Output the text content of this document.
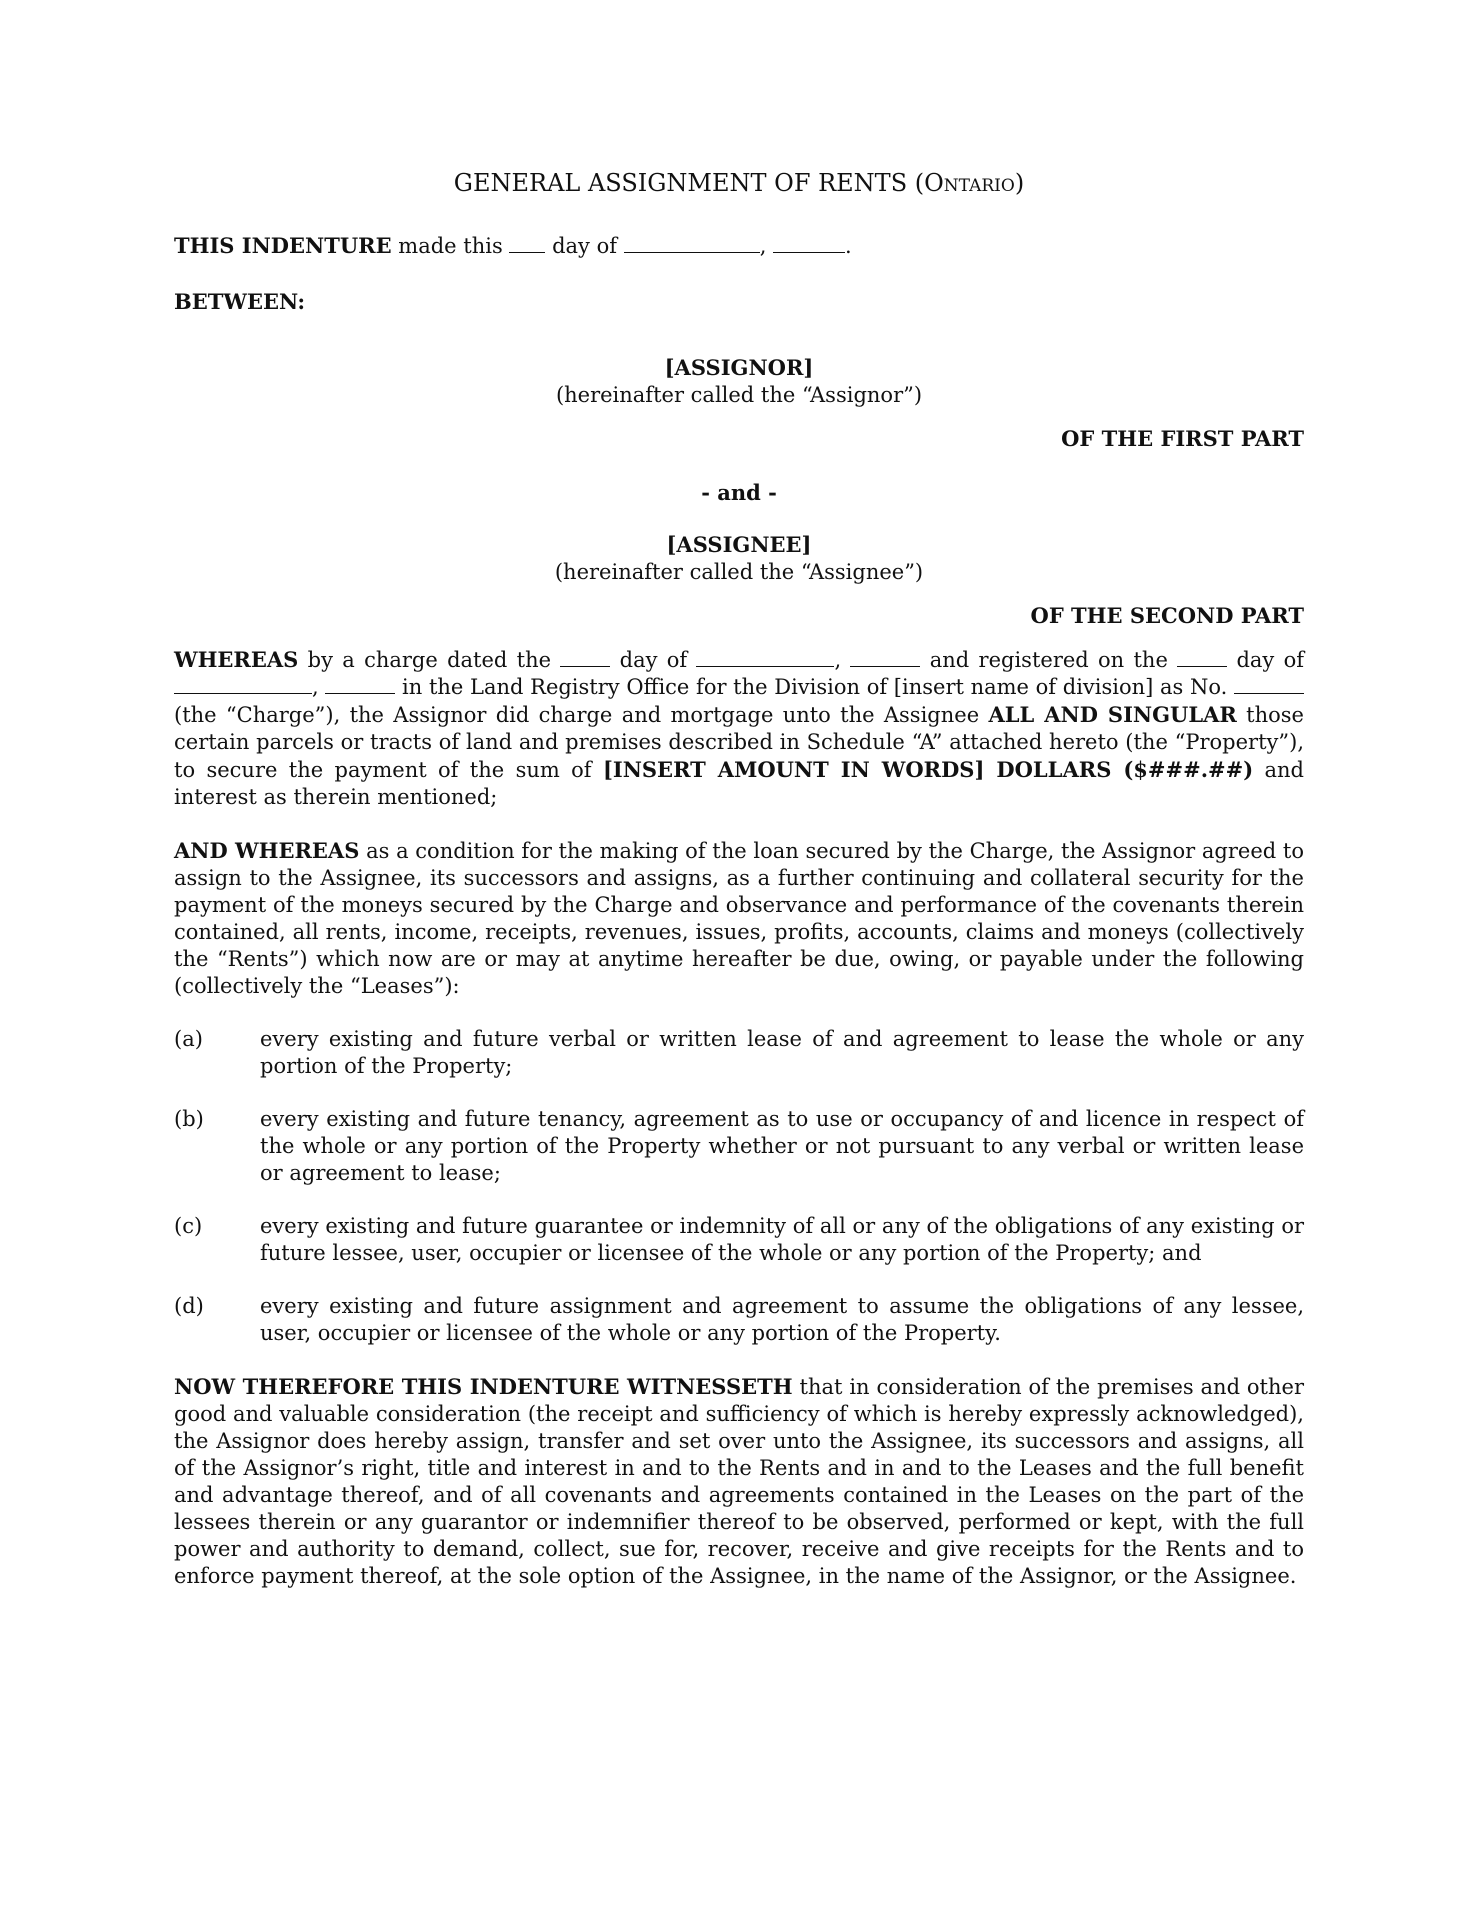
GENERAL ASSIGNMENT OF RENTS (Ontario)

THIS INDENTURE made this  day of	,	.

BETWEEN:

[ASSIGNOR]

(hereinafter called the “Assignor”)

OF THE FIRST PART

- and -

[ASSIGNEE]

(hereinafter called the “Assignee”)

OF THE SECOND PART

WHEREAS by a charge dated the  day of	,	and registered on the  day of ,	in the Land Registry Office for the Division of [insert name of division] as No.  (the “Charge”), the Assignor did charge and mortgage unto the Assignee ALL AND SINGULAR those certain parcels or tracts of land and premises described in Schedule “A” attached hereto (the “Property”), to secure the payment of the sum of [INSERT AMOUNT IN WORDS] DOLLARS ($###.##) and interest as therein mentioned;

AND WHEREAS as a condition for the making of the loan secured by the Charge, the Assignor agreed to assign to the Assignee, its successors and assigns, as a further continuing and collateral security for the payment of the moneys secured by the Charge and observance and performance of the covenants therein contained, all rents, income, receipts, revenues, issues, profits, accounts, claims and moneys (collectively the “Rents”) which now are or may at anytime hereafter be due, owing, or payable under the following (collectively the “Leases”):

(a)	every existing and future verbal or written lease of and agreement to lease the whole or any portion of the Property;
(b)	every existing and future tenancy, agreement as to use or occupancy of and licence in respect of the whole or any portion of the Property whether or not pursuant to any verbal or written lease or agreement to lease;
(c)	every existing and future guarantee or indemnity of all or any of the obligations of any existing or future lessee, user, occupier or licensee of the whole or any portion of the Property; and
(d)	every existing and future assignment and agreement to assume the obligations of any lessee, user, occupier or licensee of the whole or any portion of the Property.

NOW THEREFORE THIS INDENTURE WITNESSETH that in consideration of the premises and other good and valuable consideration (the receipt and sufficiency of which is hereby expressly acknowledged), the Assignor does hereby assign, transfer and set over unto the Assignee, its successors and assigns, all of the Assignor’s right, title and interest in and to the Rents and in and to the Leases and the full benefit and advantage thereof, and of all covenants and agreements contained in the Leases on the part of the lessees therein or any guarantor or indemnifier thereof to be observed, performed or kept, with the full power and authority to demand, collect, sue for, recover, receive and give receipts for the Rents and to enforce payment thereof, at the sole option of the Assignee, in the name of the Assignor, or the Assignee.
